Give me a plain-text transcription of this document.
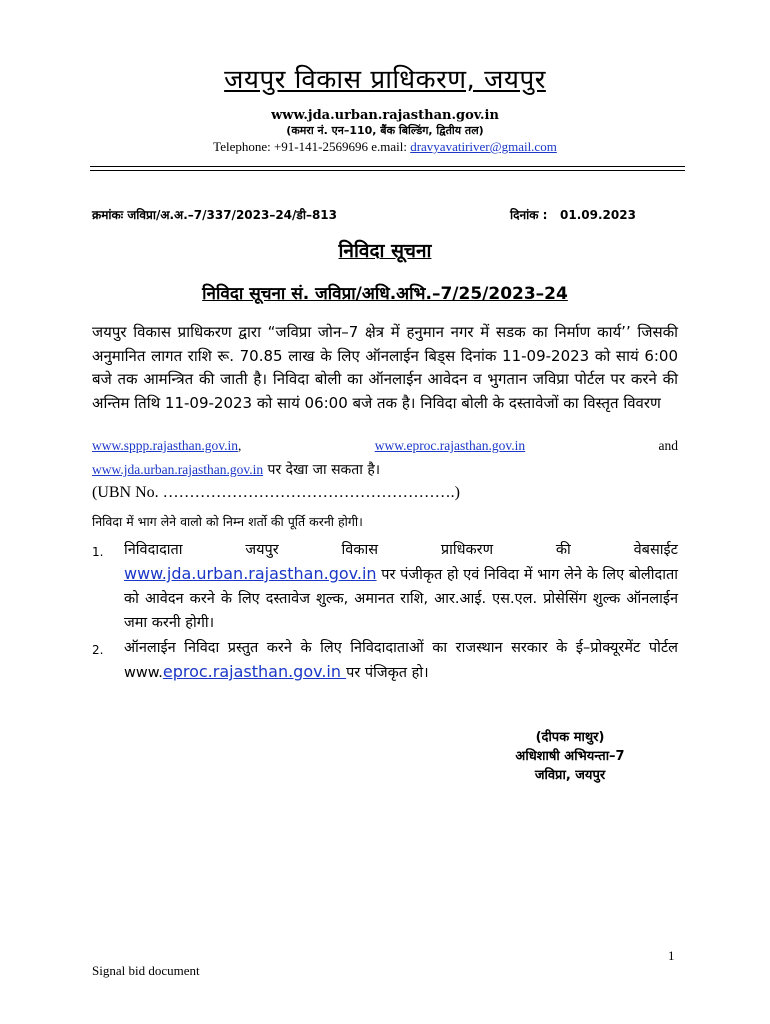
जयपुर विकास प्राधिकरण, जयपुर
www.jda.urban.rajasthan.gov.in
(कमरा नं. एन–110, बैंक बिल्डिंग, द्वितीय तल)
Telephone: +91-141-2569696 e.mail: dravyavatiriver@gmail.com
क्रमांकः जविप्रा/अ.अ.–7/337/2023–24/डी–813	दिनांक : 01.09.2023
निविदा सूचना
निविदा सूचना सं. जविप्रा/अधि.अभि.–7/25/2023–24
जयपुर विकास प्राधिकरण द्वारा “जविप्रा जोन–7 क्षेत्र में हनुमान नगर में सडक का निर्माण कार्य’’ जिसकी अनुमानित लागत राशि रू. 70.85 लाख के लिए ऑनलाईन बिड्स दिनांक 11-09-2023 को सायं 6:00 बजे तक आमन्त्रित की जाती है। निविदा बोली का ऑनलाईन आवेदन व भुगतान जविप्रा पोर्टल पर करने की अन्तिम तिथि 11-09-2023 को सायं 06:00 बजे तक है। निविदा बोली के दस्तावेजों का विस्तृत विवरण
www.sppp.rajasthan.gov.in,	www.eproc.rajasthan.gov.in	and
www.jda.urban.rajasthan.gov.in पर देखा जा सकता है।
(UBN No. ……………………………………………….)
निविदा में भाग लेने वालो को निम्न शर्तो की पूर्ति करनी होगी।
1. निविदादाता	जयपुर	विकास	प्राधिकरण	की	वेबसाईट
www.jda.urban.rajasthan.gov.in पर पंजीकृत हो एवं निविदा में भाग लेने के लिए बोलीदाता को आवेदन करने के लिए दस्तावेज शुल्क, अमानत राशि, आर.आई. एस.एल. प्रोसेसिंग शुल्क ऑनलाईन जमा करनी होगी।
2. ऑनलाईन निविदा प्रस्तुत करने के लिए निविदादाताओं का राजस्थान सरकार के ई–प्रोक्यूरमेंट पोर्टल www.eproc.rajasthan.gov.in पर पंजिकृत हो।
(दीपक माथुर)
अधिशाषी अभियन्ता–7
जविप्रा, जयपुर
1
Signal bid document
